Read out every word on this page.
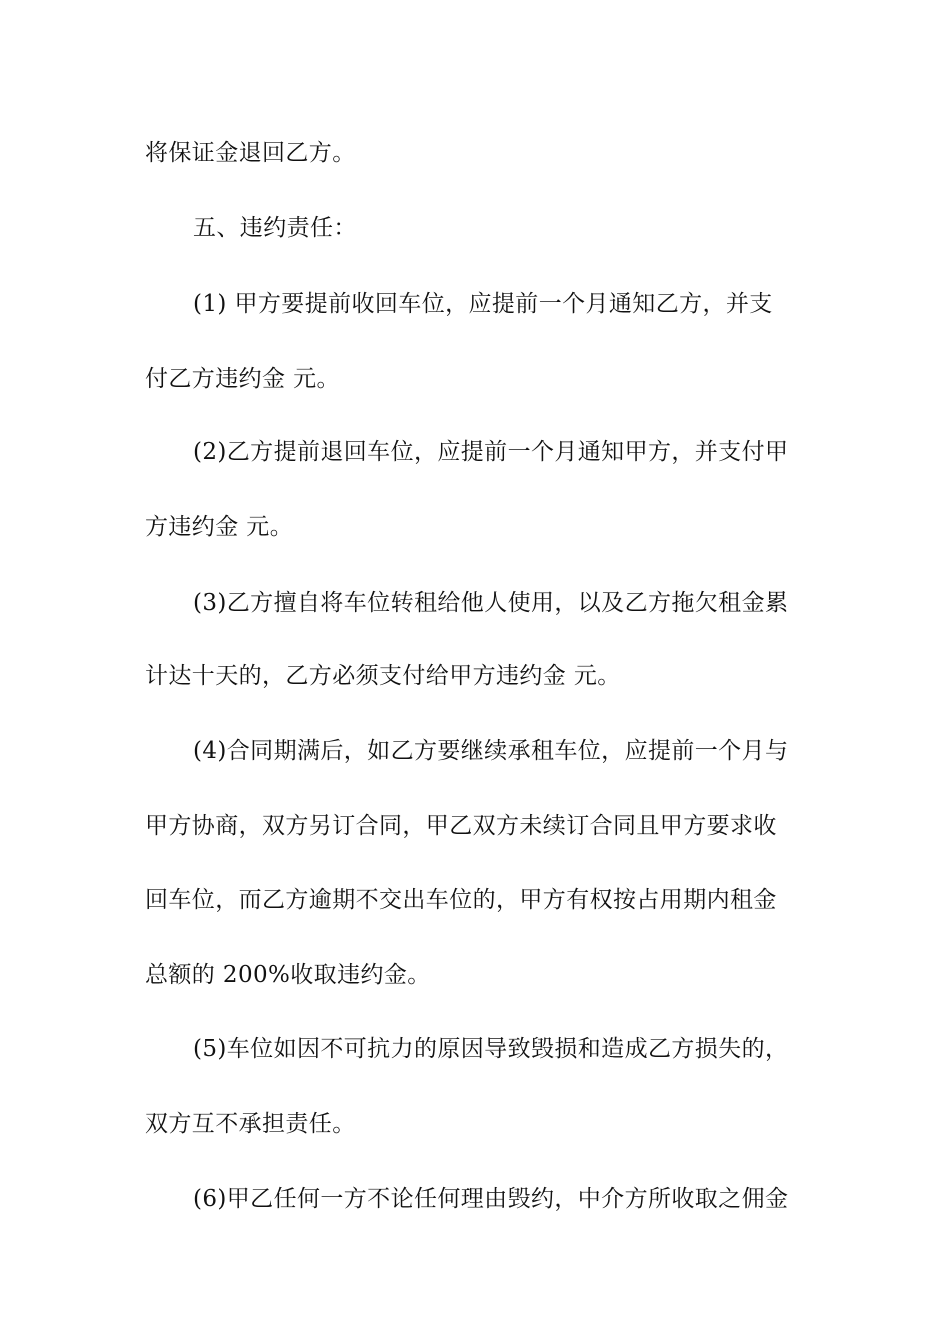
将保证金退回乙方。
五、违约责任：
(1) 甲方要提前收回车位，应提前一个月通知乙方，并支
付乙方违约金 元。
(2)乙方提前退回车位，应提前一个月通知甲方，并支付甲
方违约金 元。
(3)乙方擅自将车位转租给他人使用，以及乙方拖欠租金累
计达十天的，乙方必须支付给甲方违约金 元。
(4)合同期满后，如乙方要继续承租车位，应提前一个月与
甲方协商，双方另订合同，甲乙双方未续订合同且甲方要求收
回车位，而乙方逾期不交出车位的，甲方有权按占用期内租金
总额的 200%收取违约金。
(5)车位如因不可抗力的原因导致毁损和造成乙方损失的，
双方互不承担责任。
(6)甲乙任何一方不论任何理由毁约，中介方所收取之佣金
